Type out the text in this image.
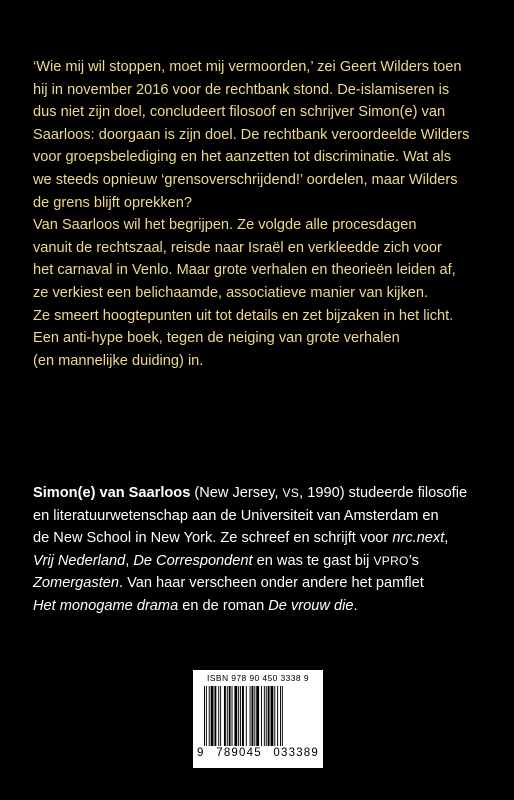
‘Wie mij wil stoppen, moet mij vermoorden,’ zei Geert Wilders toen
hij in november 2016 voor de rechtbank stond. De-islamiseren is
dus niet zijn doel, concludeert filosoof en schrijver Simon(e) van
Saarloos: doorgaan is zijn doel. De rechtbank veroordeelde Wilders
voor groepsbelediging en het aanzetten tot discriminatie. Wat als
we steeds opnieuw ‘grensoverschrijdend!’ oordelen, maar Wilders
de grens blijft oprekken?

Van Saarloos wil het begrijpen. Ze volgde alle procesdagen
vanuit de rechtszaal, reisde naar Israël en verkleedde zich voor
het carnaval in Venlo. Maar grote verhalen en theorieën leiden af,
ze verkiest een belichaamde, associatieve manier van kijken.
Ze smeert hoogtepunten uit tot details en zet bijzaken in het licht.
Een anti-hype boek, tegen de neiging van grote verhalen
(en mannelijke duiding) in.

Simon(e) van Saarloos (New Jersey, VS, 1990) studeerde filosofie
en literatuurwetenschap aan de Universiteit van Amsterdam en
de New School in New York. Ze schreef en schrijft voor nrc.next,
Vrij Nederland, De Correspondent en was te gast bij VPRO’s
Zomergasten. Van haar verscheen onder andere het pamflet
Het monogame drama en de roman De vrouw die.

ISBN 978 90 450 3338 9
9 789045 033389
